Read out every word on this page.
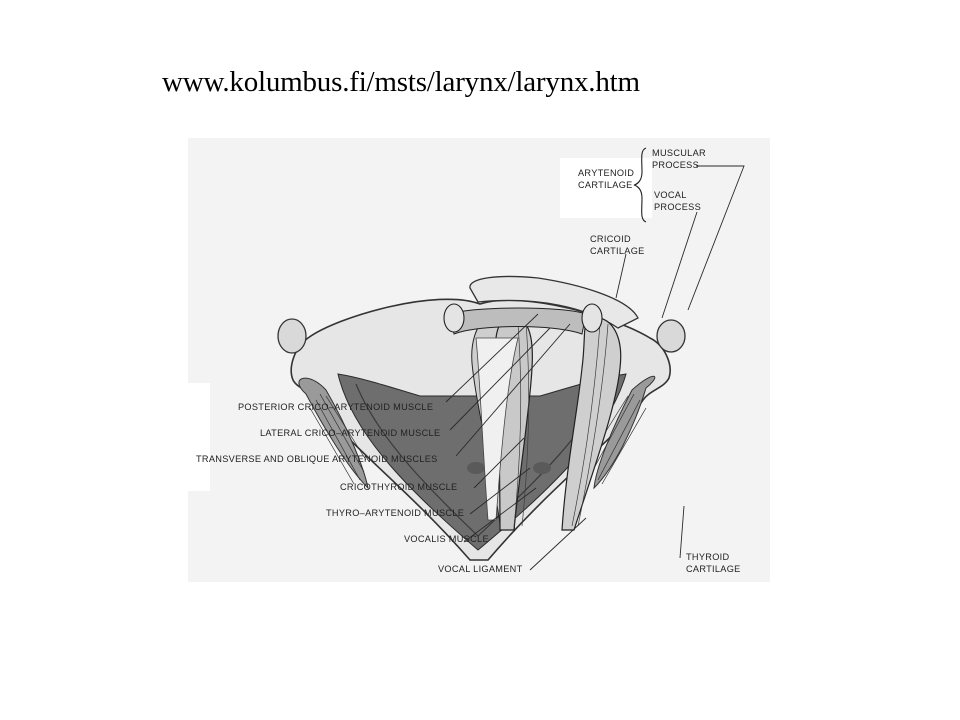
www.kolumbus.fi/msts/larynx/larynx.htm
ARYTENOID
CARTILAGE
MUSCULAR
PROCESS
VOCAL
PROCESS
CRICOID
CARTILAGE
POSTERIOR CRICO–ARYTENOID MUSCLE
LATERAL CRICO–ARYTENOID MUSCLE
TRANSVERSE AND OBLIQUE ARYTENOID MUSCLES
CRICOTHYROID MUSCLE
THYRO–ARYTENOID MUSCLE
VOCALIS MUSCLE
VOCAL LIGAMENT
THYROID
CARTILAGE
